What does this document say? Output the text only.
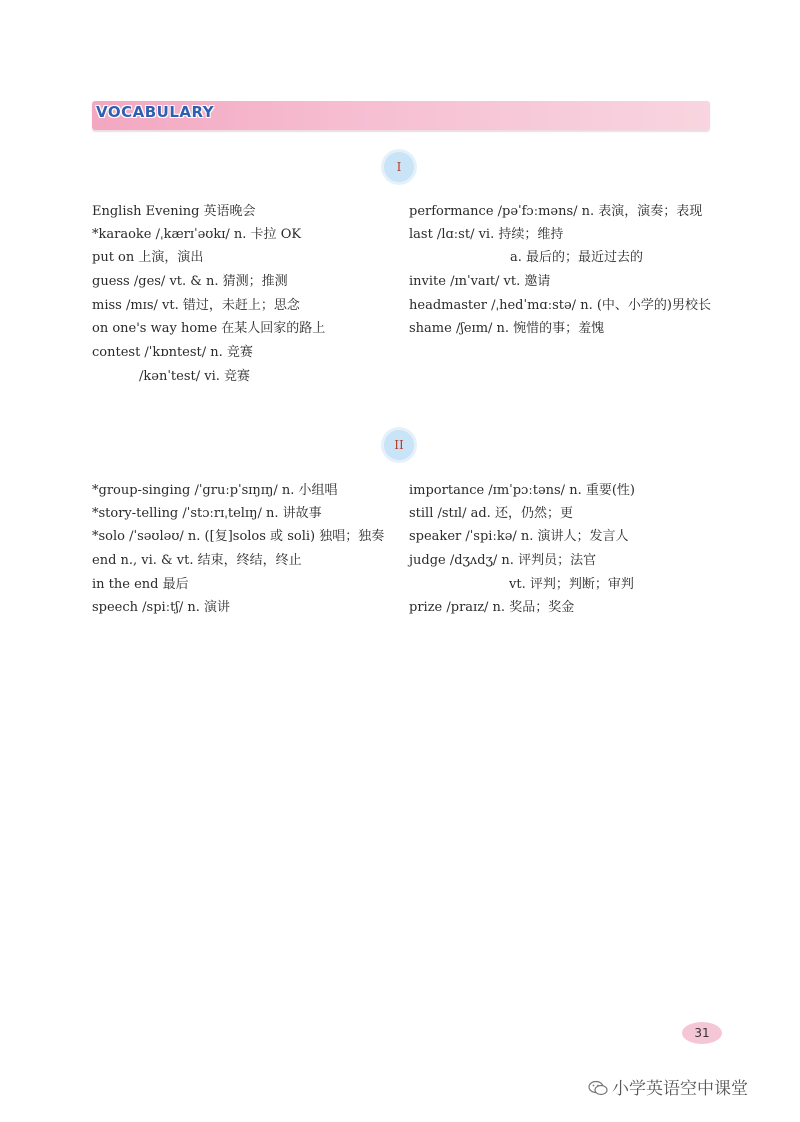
VOCABULARY
I
English Evening 英语晚会
*karaoke /ˌkærɪˈəʊkɪ/ n. 卡拉 OK
put on 上演，演出
guess /ges/ vt. & n. 猜测；推测
miss /mɪs/ vt. 错过，未赶上；思念
on one's way home 在某人回家的路上
contest /ˈkɒntest/ n. 竞赛
/kənˈtest/ vi. 竞赛
performance /pəˈfɔːməns/ n. 表演，演奏；表现
last /lɑːst/ vi. 持续；维持
a. 最后的；最近过去的
invite /ɪnˈvaɪt/ vt. 邀请
headmaster /ˌhedˈmɑːstə/ n. (中、小学的)男校长
shame /ʃeɪm/ n. 惋惜的事；羞愧
II
*group-singing /ˈgruːpˈsɪŋɪŋ/ n. 小组唱
*story-telling /ˈstɔːrɪˌtelɪŋ/ n. 讲故事
*solo /ˈsəʊləʊ/ n. ([复]solos 或 soli) 独唱；独奏
end n., vi. & vt. 结束，终结，终止
in the end 最后
speech /spiːtʃ/ n. 演讲
importance /ɪmˈpɔːtəns/ n. 重要(性)
still /stɪl/ ad. 还，仍然；更
speaker /ˈspiːkə/ n. 演讲人；发言人
judge /dʒʌdʒ/ n. 评判员；法官
vt. 评判；判断；审判
prize /praɪz/ n. 奖品；奖金
31
小学英语空中课堂
